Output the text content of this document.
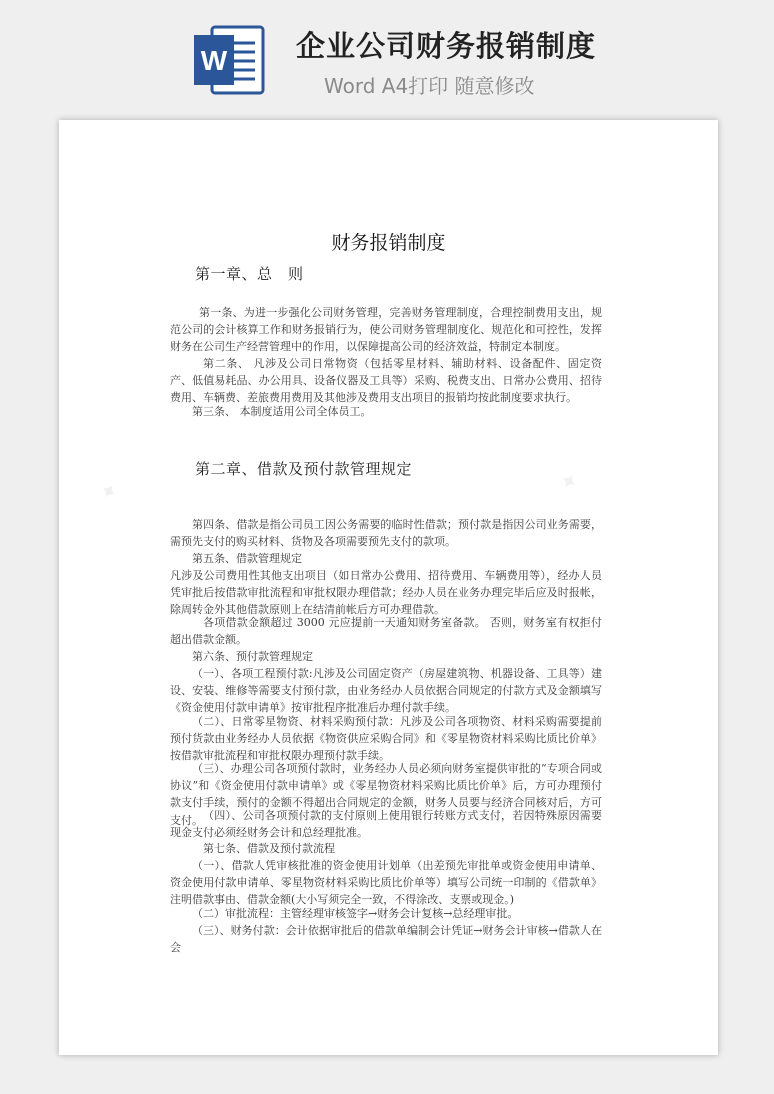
W 企业公司财务报销制度
Word A4打印 随意修改
✦	✦
财务报销制度
第一章、总　则

第一条、为进一步强化公司财务管理，完善财务管理制度，合理控制费用支出，规范公司的会计核算工作和财务报销行为，使公司财务管理制度化、规范化和可控性，发挥财务在公司生产经营管理中的作用，以保障提高公司的经济效益，特制定本制度。

第二条、 凡涉及公司日常物资（包括零星材料、辅助材料、设备配件、固定资产、低值易耗品、办公用具、设备仪器及工具等）采购、税费支出、日常办公费用、招待费用、车辆费、差旅费用费用及其他涉及费用支出项目的报销均按此制度要求执行。

第三条、 本制度适用公司全体员工。

第二章、借款及预付款管理规定

第四条、借款是指公司员工因公务需要的临时性借款；预付款是指因公司业务需要，需预先支付的购买材料、货物及各项需要预先支付的款项。

第五条、借款管理规定

凡涉及公司费用性其他支出项目（如日常办公费用、招待费用、车辆费用等），经办人员凭审批后按借款审批流程和审批权限办理借款；经办人员在业务办理完毕后应及时报帐，除周转金外其他借款原则上在结清前帐后方可办理借款。

各项借款金额超过 3000 元应提前一天通知财务室备款。 否则，财务室有权拒付超出借款金额。

第六条、预付款管理规定

（一）、各项工程预付款:凡涉及公司固定资产（房屋建筑物、机器设备、工具等）建设、安装、维修等需要支付预付款，由业务经办人员依据合同规定的付款方式及金额填写《资金使用付款申请单》按审批程序批准后办理付款手续。

（二）、日常零星物资、材料采购预付款：凡涉及公司各项物资、材料采购需要提前预付货款由业务经办人员依据《物资供应采购合同》和《零星物资材料采购比质比价单》按借款审批流程和审批权限办理预付款手续。

（三）、办理公司各项预付款时，业务经办人员必须向财务室提供审批的“专项合同或协议”和《资金使用付款申请单》或《零星物资材料采购比质比价单》后，方可办理预付款支付手续，预付的金额不得超出合同规定的金额，财务人员要与经济合同核对后，方可支付。 （四）、公司各项预付款的支付原则上使用银行转账方式支付，若因特殊原因需要现金支付必须经财务会计和总经理批准。

第七条、借款及预付款流程

（一）、借款人凭审核批准的资金使用计划单（出差预先审批单或资金使用申请单、资金使用付款申请单、零星物资材料采购比质比价单等）填写公司统一印制的《借款单》注明借款事由、借款金额(大小写须完全一致，不得涂改、支票或现金。)

（二）审批流程：主管经理审核签字→财务会计复核→总经理审批。

（三）、财务付款：会计依据审批后的借款单编制会计凭证→财务会计审核→借款人在会
